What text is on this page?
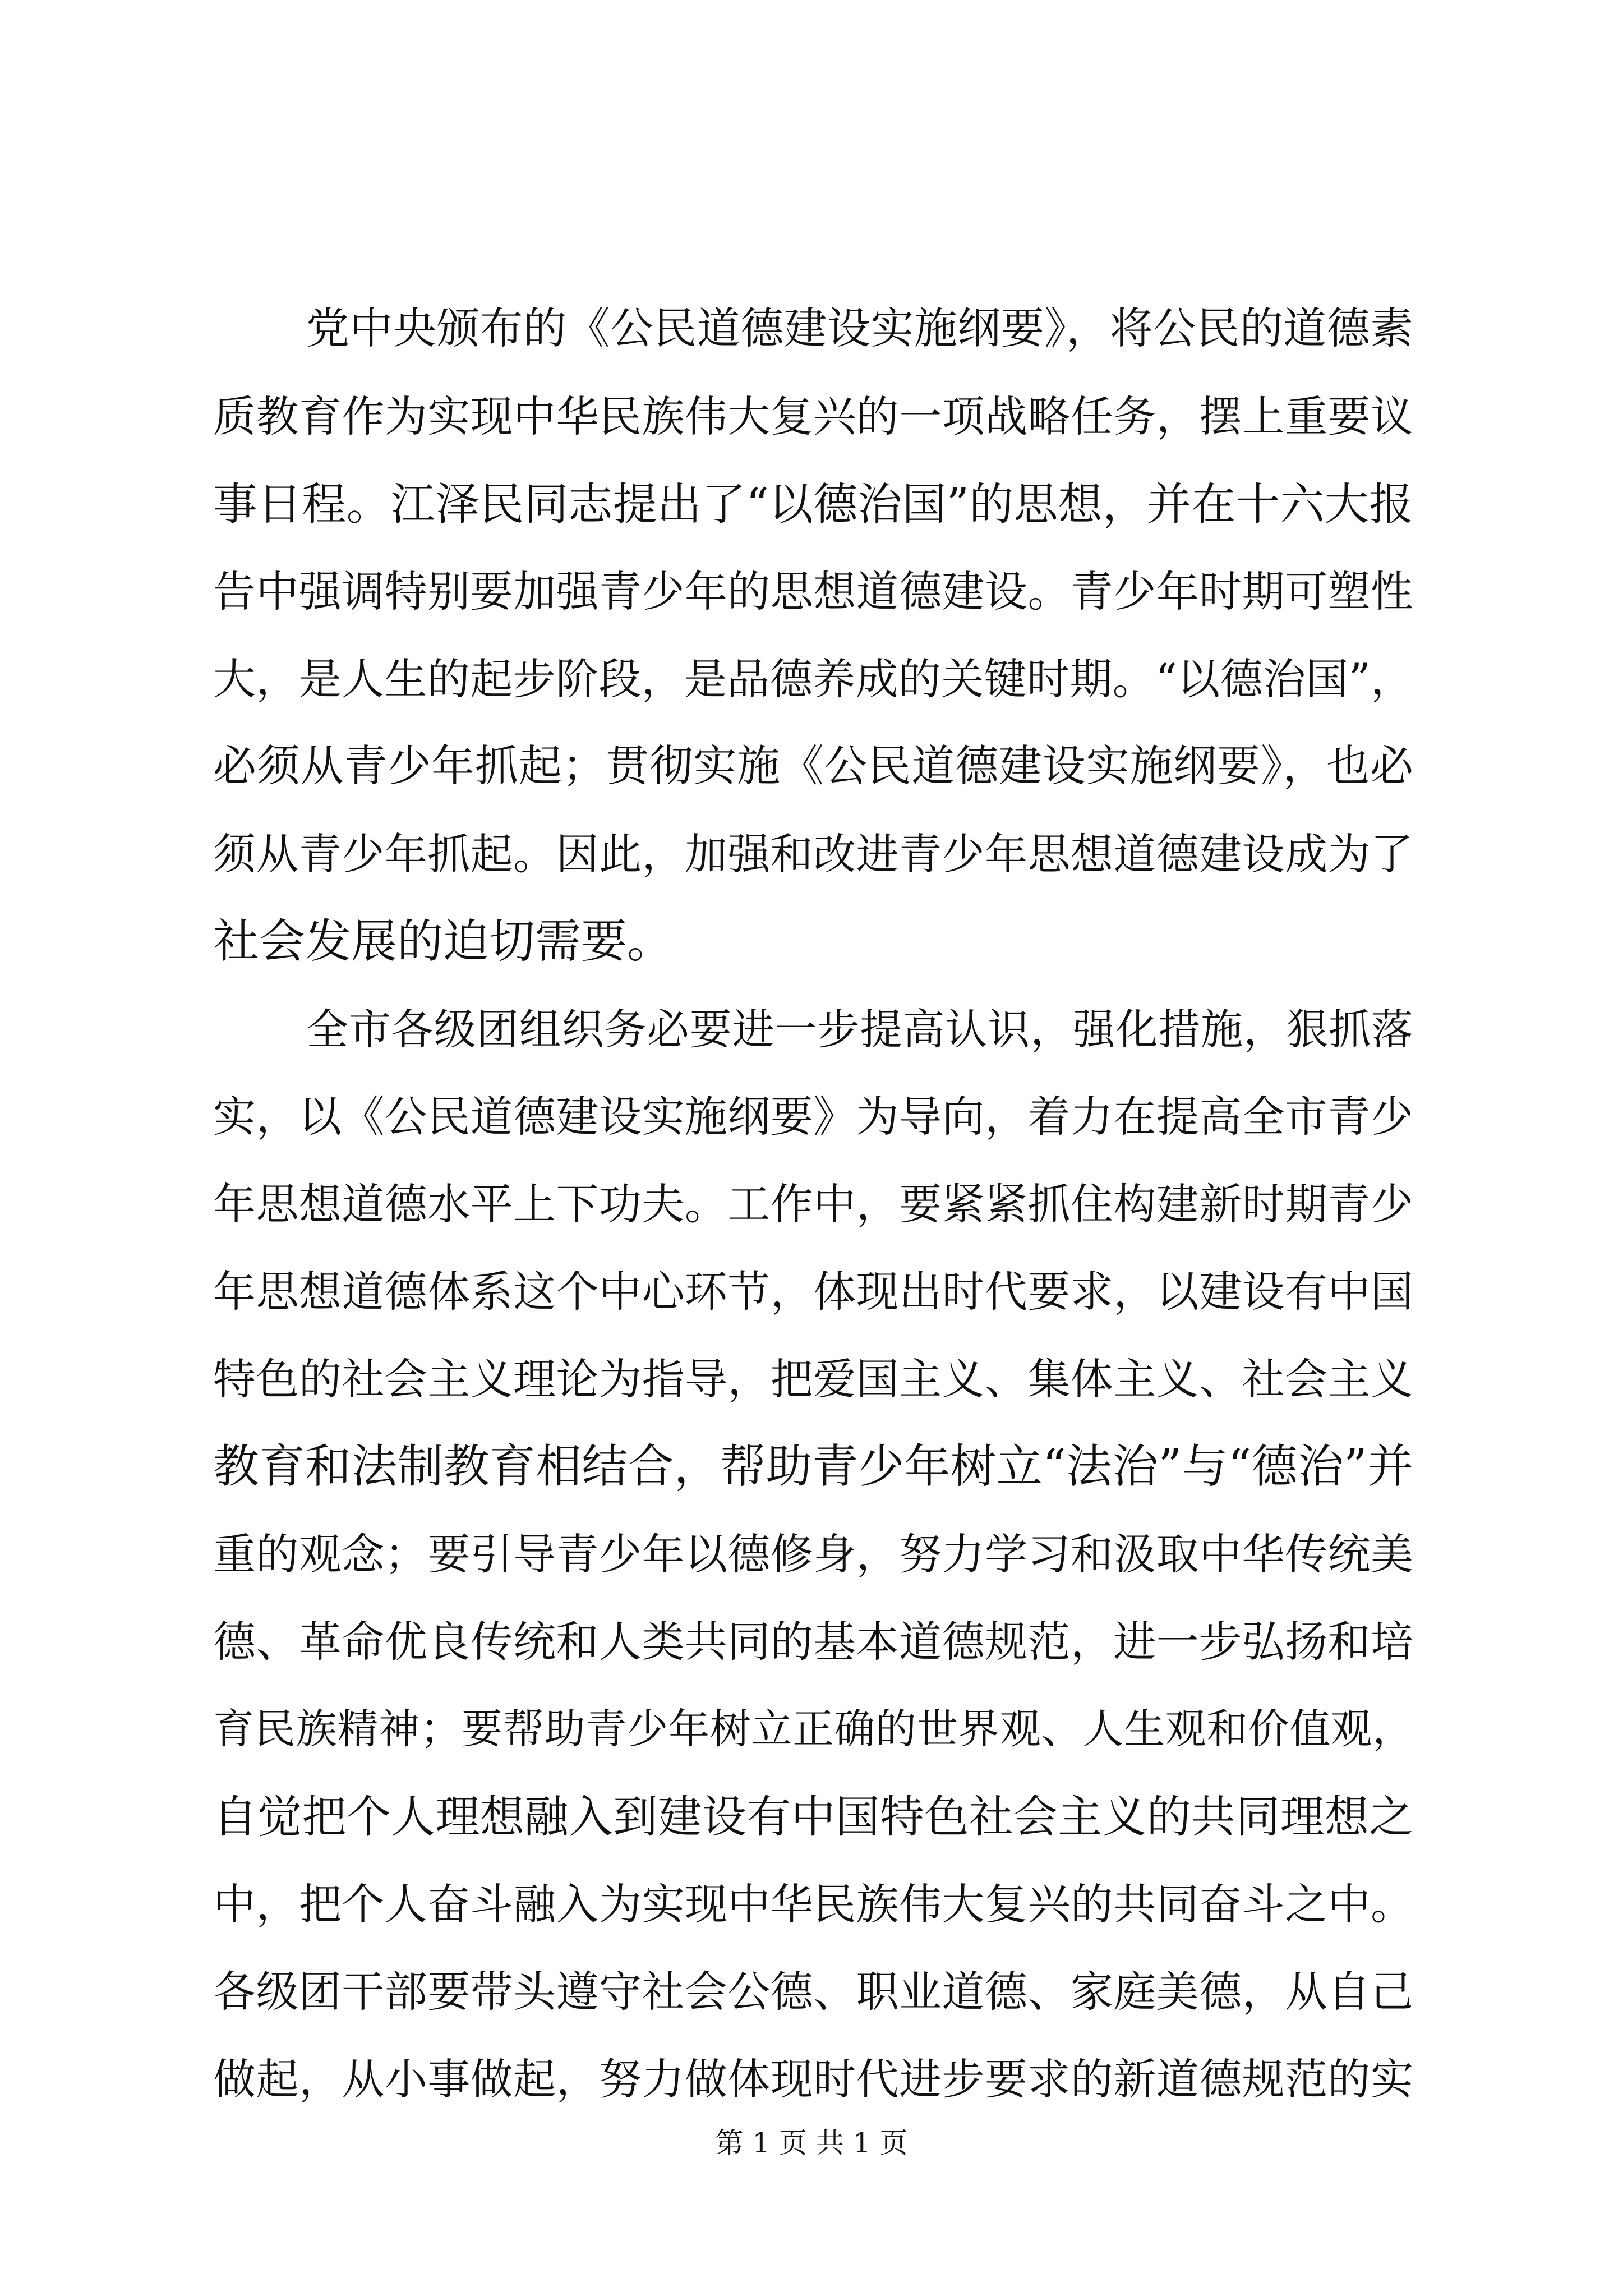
党中央颁布的《公民道德建设实施纲要》，将公民的道德素
质教育作为实现中华民族伟大复兴的一项战略任务，摆上重要议
事日程。江泽民同志提出了“以德治国”的思想，并在十六大报
告中强调特别要加强青少年的思想道德建设。青少年时期可塑性
大，是人生的起步阶段，是品德养成的关键时期。“以德治国”，
必须从青少年抓起；贯彻实施《公民道德建设实施纲要》，也必
须从青少年抓起。因此，加强和改进青少年思想道德建设成为了
社会发展的迫切需要。
全市各级团组织务必要进一步提高认识，强化措施，狠抓落
实，以《公民道德建设实施纲要》为导向，着力在提高全市青少
年思想道德水平上下功夫。工作中，要紧紧抓住构建新时期青少
年思想道德体系这个中心环节，体现出时代要求，以建设有中国
特色的社会主义理论为指导，把爱国主义、集体主义、社会主义
教育和法制教育相结合，帮助青少年树立“法治”与“德治”并
重的观念；要引导青少年以德修身，努力学习和汲取中华传统美
德、革命优良传统和人类共同的基本道德规范，进一步弘扬和培
育民族精神；要帮助青少年树立正确的世界观、人生观和价值观，
自觉把个人理想融入到建设有中国特色社会主义的共同理想之
中，把个人奋斗融入为实现中华民族伟大复兴的共同奋斗之中。
各级团干部要带头遵守社会公德、职业道德、家庭美德，从自己
做起，从小事做起，努力做体现时代进步要求的新道德规范的实
第 1 页 共 1 页
